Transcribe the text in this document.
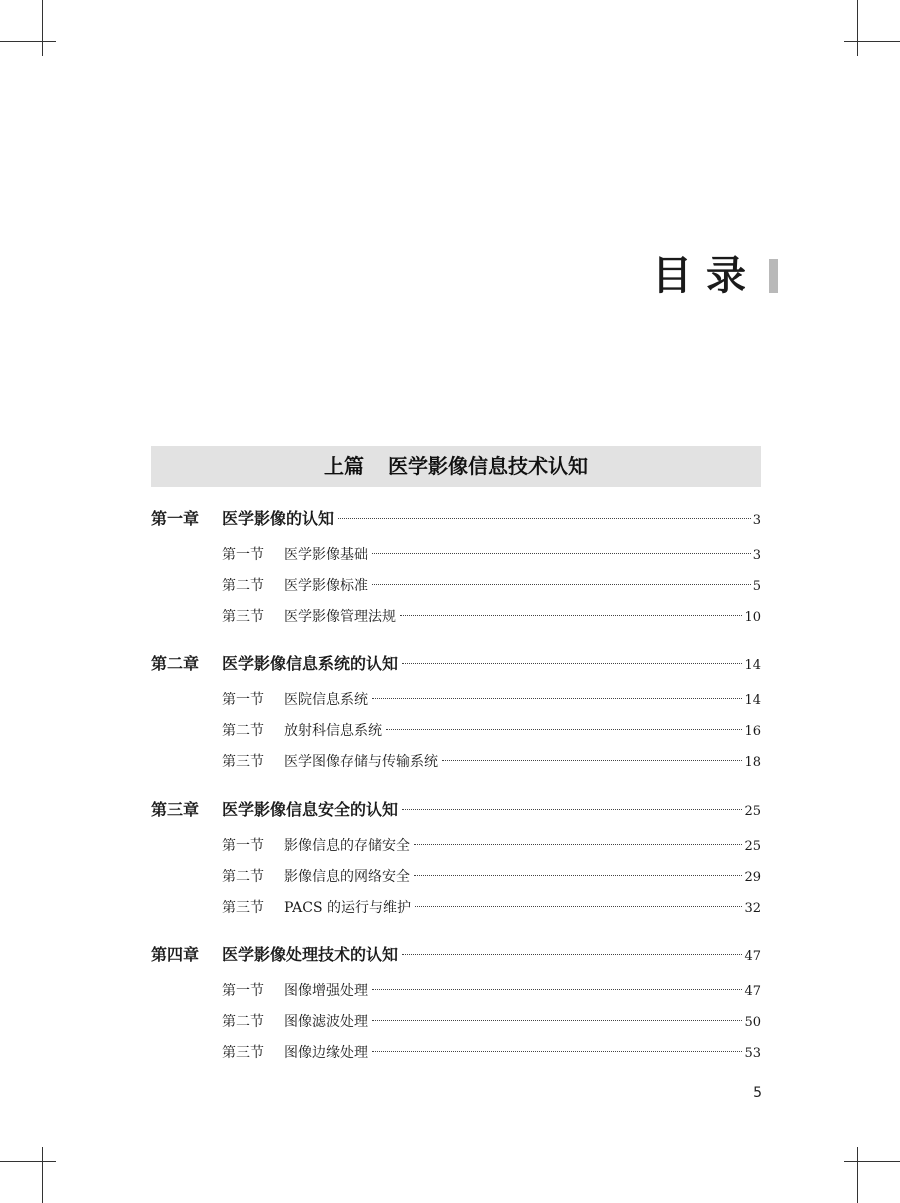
目录
上篇 医学影像信息技术认知
第一章 医学影像的认知	3
第一节 医学影像基础	3
第二节 医学影像标准	5
第三节 医学影像管理法规	10
第二章 医学影像信息系统的认知	14
第一节 医院信息系统	14
第二节 放射科信息系统	16
第三节 医学图像存储与传输系统	18
第三章 医学影像信息安全的认知	25
第一节 影像信息的存储安全	25
第二节 影像信息的网络安全	29
第三节 PACS 的运行与维护	32
第四章 医学影像处理技术的认知	47
第一节 图像增强处理	47
第二节 图像滤波处理	50
第三节 图像边缘处理	53
5
